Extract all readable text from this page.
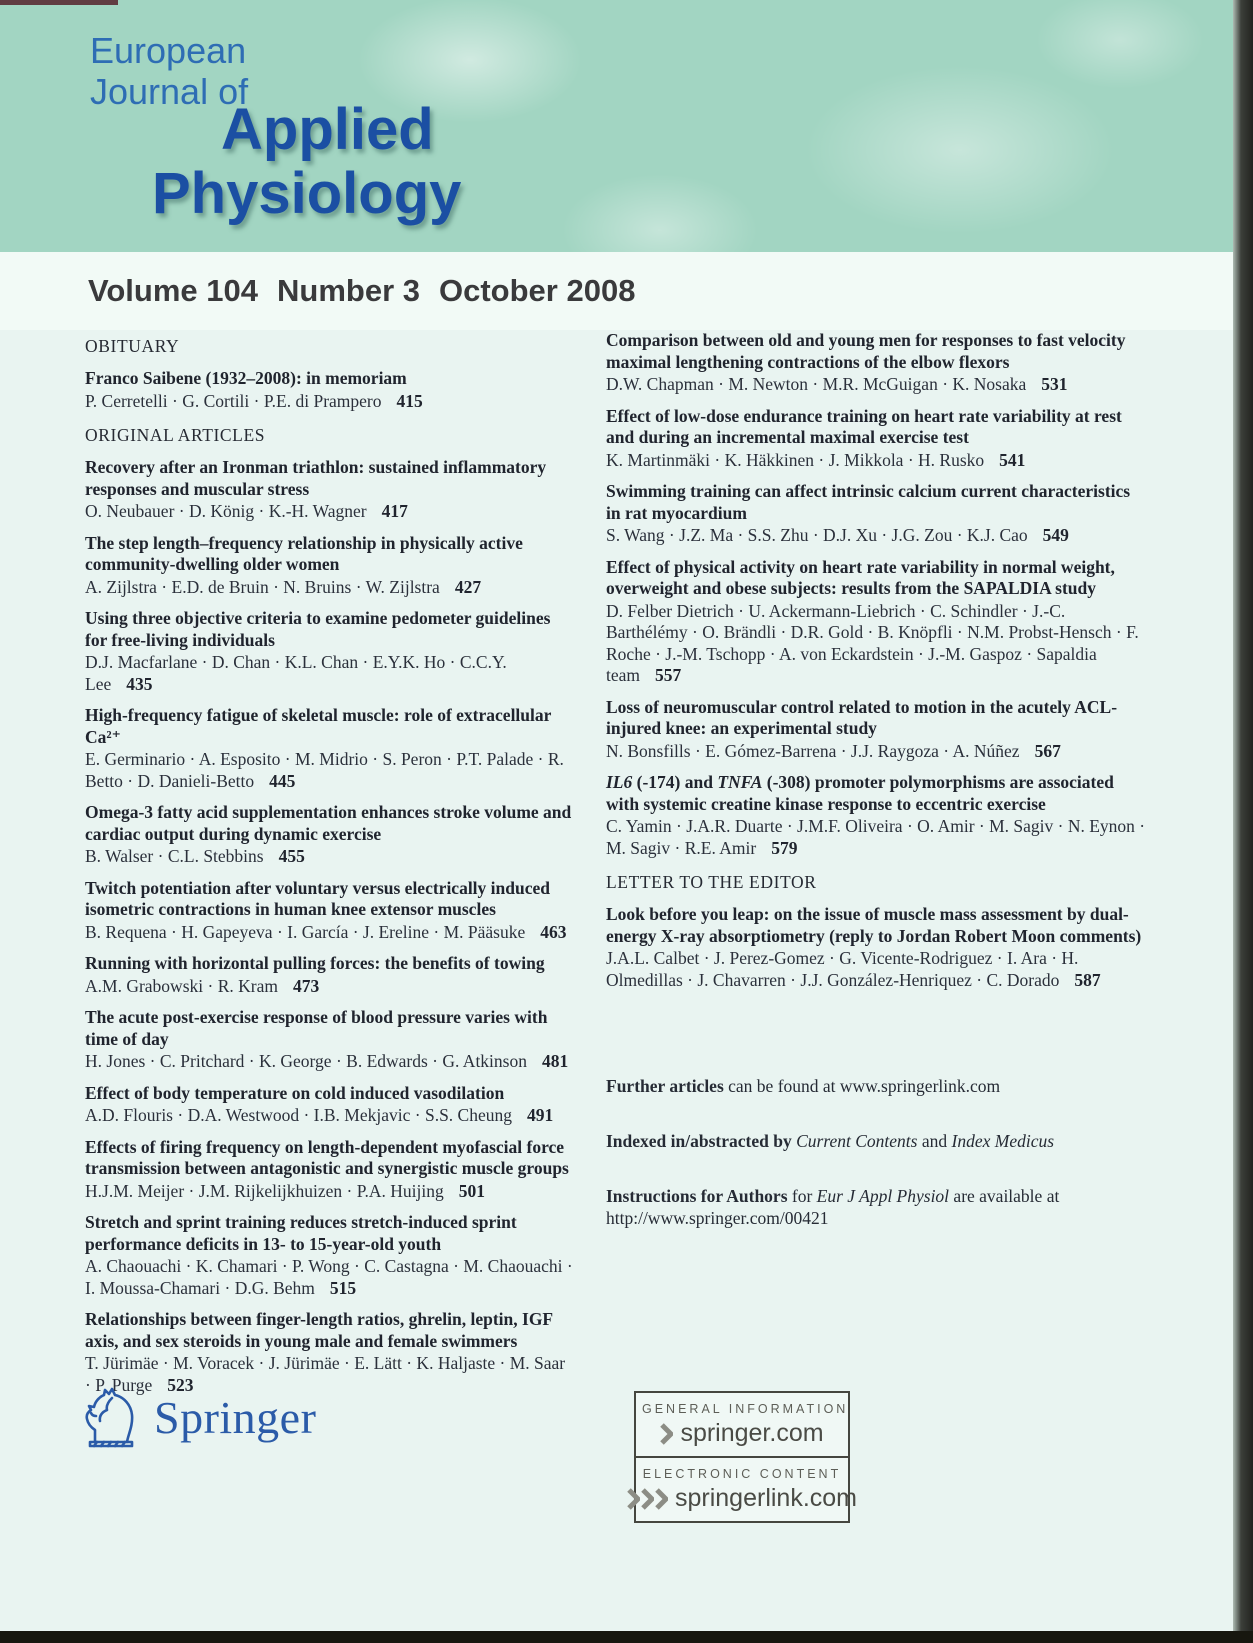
European
Journal of
Applied
Physiology
Volume 104 Number 3 October 2008
OBITUARY
Franco Saibene (1932–2008): in memoriam
P. Cerretelli · G. Cortili · P.E. di Prampero 415
ORIGINAL ARTICLES
Recovery after an Ironman triathlon: sustained inflammatory responses and muscular stress
O. Neubauer · D. König · K.-H. Wagner 417
The step length–frequency relationship in physically active community-dwelling older women
A. Zijlstra · E.D. de Bruin · N. Bruins · W. Zijlstra 427
Using three objective criteria to examine pedometer guidelines for free-living individuals
D.J. Macfarlane · D. Chan · K.L. Chan · E.Y.K. Ho · C.C.Y. Lee 435
High-frequency fatigue of skeletal muscle: role of extracellular Ca²⁺
E. Germinario · A. Esposito · M. Midrio · S. Peron · P.T. Palade · R. Betto · D. Danieli-Betto 445
Omega-3 fatty acid supplementation enhances stroke volume and cardiac output during dynamic exercise
B. Walser · C.L. Stebbins 455
Twitch potentiation after voluntary versus electrically induced isometric contractions in human knee extensor muscles
B. Requena · H. Gapeyeva · I. García · J. Ereline · M. Pääsuke 463
Running with horizontal pulling forces: the benefits of towing
A.M. Grabowski · R. Kram 473
The acute post-exercise response of blood pressure varies with time of day
H. Jones · C. Pritchard · K. George · B. Edwards · G. Atkinson 481
Effect of body temperature on cold induced vasodilation
A.D. Flouris · D.A. Westwood · I.B. Mekjavic · S.S. Cheung 491
Effects of firing frequency on length-dependent myofascial force transmission between antagonistic and synergistic muscle groups
H.J.M. Meijer · J.M. Rijkelijkhuizen · P.A. Huijing 501
Stretch and sprint training reduces stretch-induced sprint performance deficits in 13- to 15-year-old youth
A. Chaouachi · K. Chamari · P. Wong · C. Castagna · M. Chaouachi · I. Moussa-Chamari · D.G. Behm 515
Relationships between finger-length ratios, ghrelin, leptin, IGF axis, and sex steroids in young male and female swimmers
T. Jürimäe · M. Voracek · J. Jürimäe · E. Lätt · K. Haljaste · M. Saar · P. Purge 523
Comparison between old and young men for responses to fast velocity maximal lengthening contractions of the elbow flexors
D.W. Chapman · M. Newton · M.R. McGuigan · K. Nosaka 531
Effect of low-dose endurance training on heart rate variability at rest and during an incremental maximal exercise test
K. Martinmäki · K. Häkkinen · J. Mikkola · H. Rusko 541
Swimming training can affect intrinsic calcium current characteristics in rat myocardium
S. Wang · J.Z. Ma · S.S. Zhu · D.J. Xu · J.G. Zou · K.J. Cao 549
Effect of physical activity on heart rate variability in normal weight, overweight and obese subjects: results from the SAPALDIA study
D. Felber Dietrich · U. Ackermann-Liebrich · C. Schindler · J.-C. Barthélémy · O. Brändli · D.R. Gold · B. Knöpfli · N.M. Probst-Hensch · F. Roche · J.-M. Tschopp · A. von Eckardstein · J.-M. Gaspoz · Sapaldia team 557
Loss of neuromuscular control related to motion in the acutely ACL-injured knee: an experimental study
N. Bonsfills · E. Gómez-Barrena · J.J. Raygoza · A. Núñez 567
IL6 (-174) and TNFA (-308) promoter polymorphisms are associated with systemic creatine kinase response to eccentric exercise
C. Yamin · J.A.R. Duarte · J.M.F. Oliveira · O. Amir · M. Sagiv · N. Eynon · M. Sagiv · R.E. Amir 579
LETTER TO THE EDITOR
Look before you leap: on the issue of muscle mass assessment by dual-energy X-ray absorptiometry (reply to Jordan Robert Moon comments)
J.A.L. Calbet · J. Perez-Gomez · G. Vicente-Rodriguez · I. Ara · H. Olmedillas · J. Chavarren · J.J. González-Henriquez · C. Dorado 587

Further articles can be found at www.springerlink.com

Indexed in/abstracted by Current Contents and Index Medicus

Instructions for Authors for Eur J Appl Physiol are available at http://www.springer.com/00421

Springer	GENERAL INFORMATION
springer.com
ELECTRONIC CONTENT
springerlink.com
